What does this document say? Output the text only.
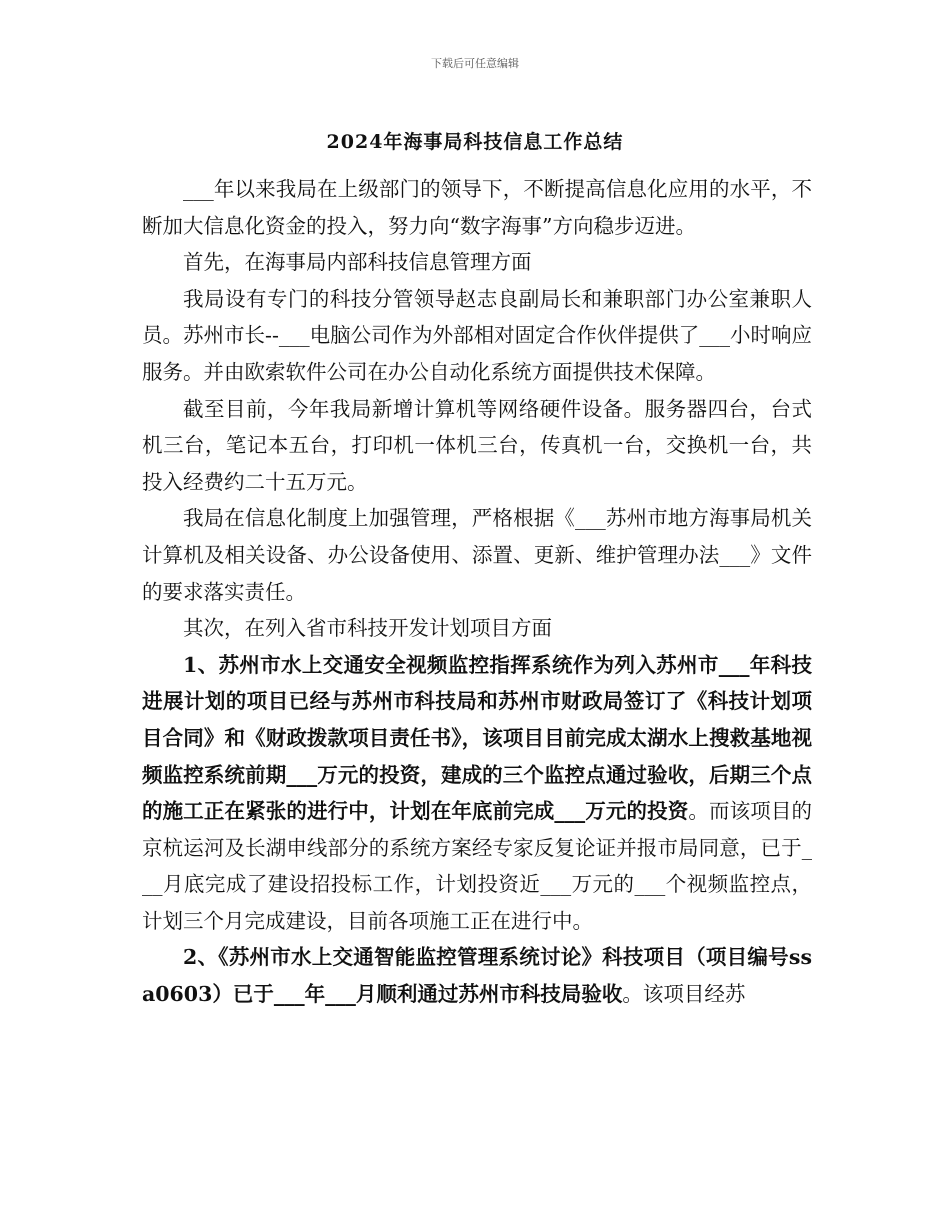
下载后可任意编辑
2024年海事局科技信息工作总结

___年以来我局在上级部门的领导下，不断提高信息化应用的水平，不断加大信息化资金的投入，努力向“数字海事”方向稳步迈进。

首先，在海事局内部科技信息管理方面

我局设有专门的科技分管领导赵志良副局长和兼职部门办公室兼职人员。苏州市长--___电脑公司作为外部相对固定合作伙伴提供了___小时响应服务。并由欧索软件公司在办公自动化系统方面提供技术保障。

截至目前，今年我局新增计算机等网络硬件设备。服务器四台，台式机三台，笔记本五台，打印机一体机三台，传真机一台，交换机一台，共投入经费约二十五万元。

我局在信息化制度上加强管理，严格根据《___苏州市地方海事局机关计算机及相关设备、办公设备使用、添置、更新、维护管理办法___》文件的要求落实责任。

其次，在列入省市科技开发计划项目方面

1、苏州市水上交通安全视频监控指挥系统作为列入苏州市___年科技进展计划的项目已经与苏州市科技局和苏州市财政局签订了《科技计划项目合同》和《财政拨款项目责任书》，该项目目前完成太湖水上搜救基地视频监控系统前期___万元的投资，建成的三个监控点通过验收，后期三个点的施工正在紧张的进行中，计划在年底前完成___万元的投资。而该项目的京杭运河及长湖申线部分的系统方案经专家反复论证并报市局同意，已于___月底完成了建设招投标工作，计划投资近___万元的___个视频监控点，计划三个月完成建设，目前各项施工正在进行中。

2、《苏州市水上交通智能监控管理系统讨论》科技项目（项目编号ssa0603）已于___年___月顺利通过苏州市科技局验收。该项目经苏
